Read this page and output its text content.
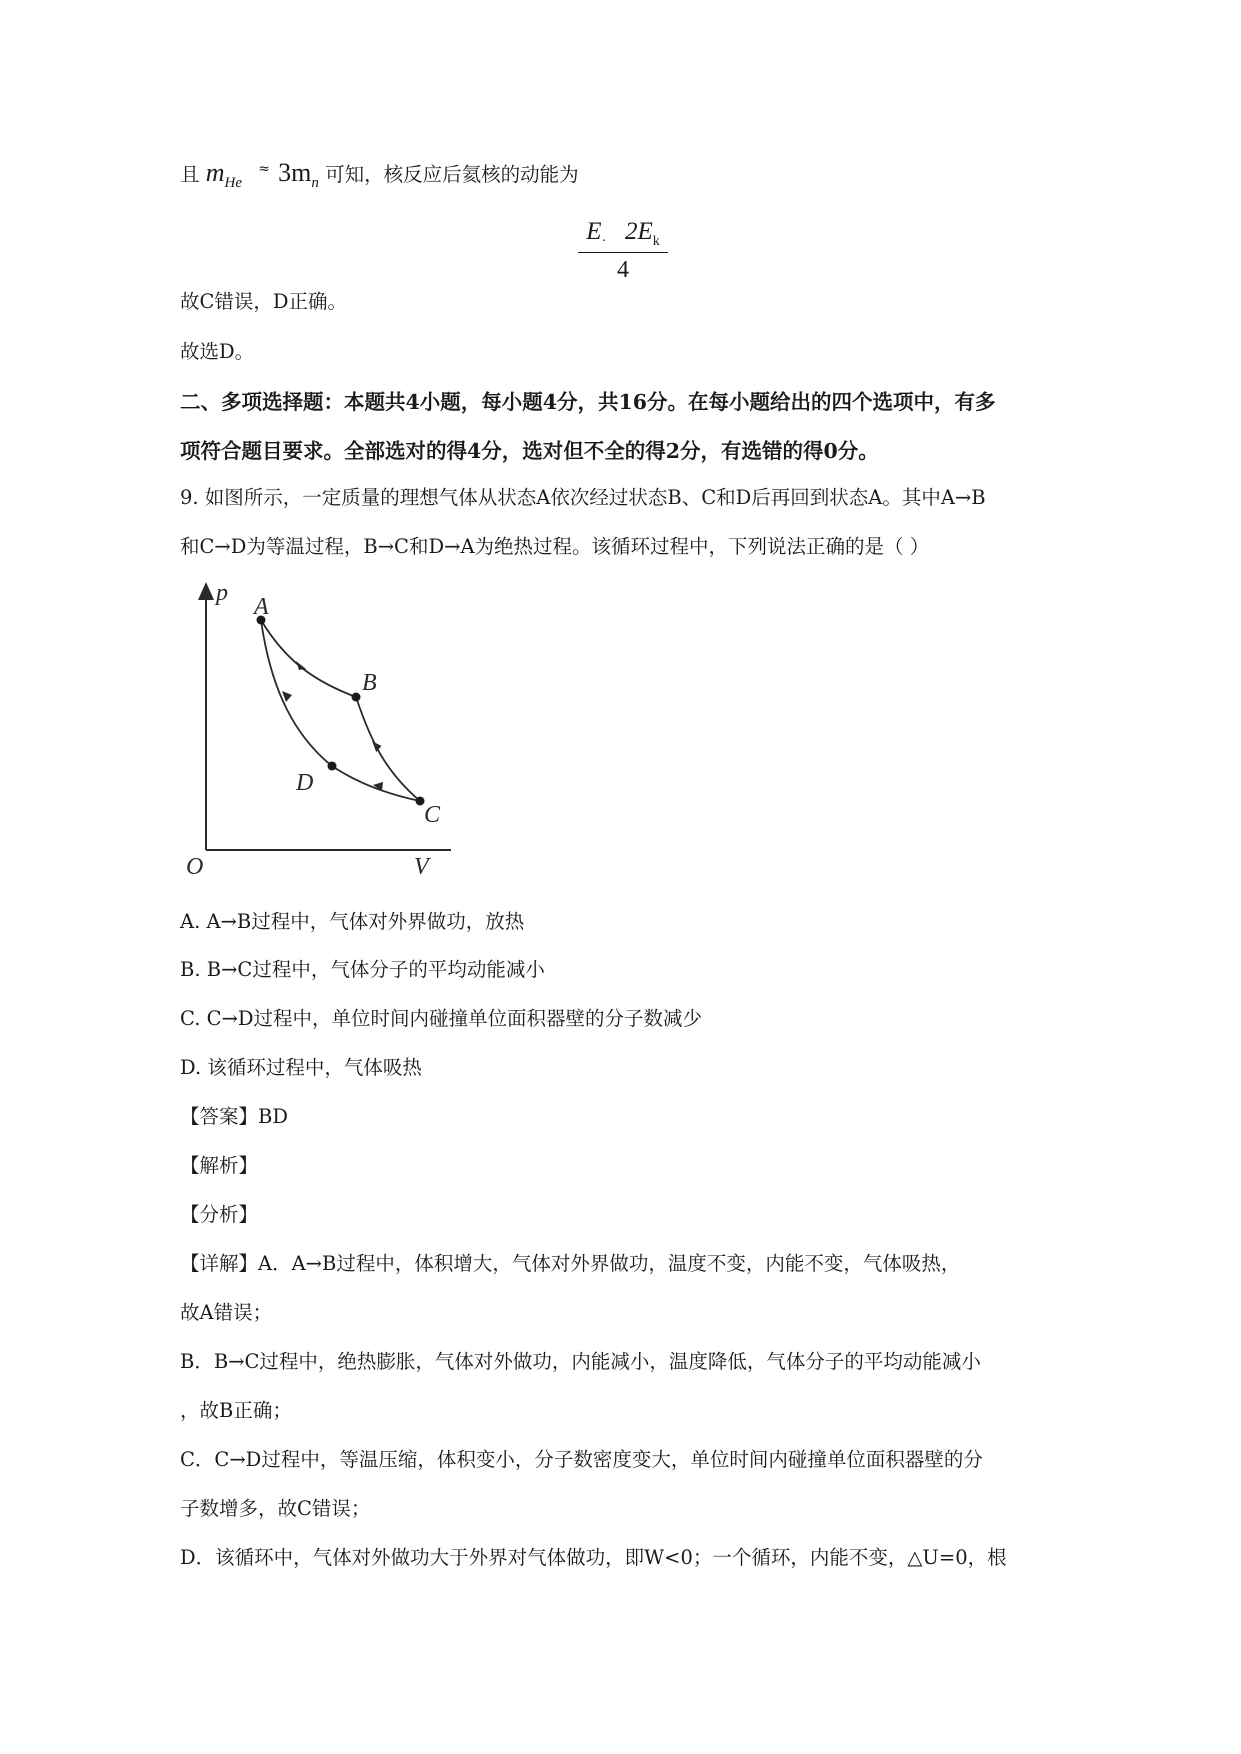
且 $m_{He}$ ≈ $3m_n$ 可知，核反应后氦核的动能为
$\frac{E_\cdot 2E_k}{4}$
故C错误，D正确。
故选D。
二、多项选择题：本题共4小题，每小题4分，共16分。在每小题给出的四个选项中，有多
项符合题目要求。全部选对的得4分，选对但不全的得2分，有选错的得0分。
9. 如图所示，一定质量的理想气体从状态A依次经过状态B、C和D后再回到状态A。其中A→B
和C→D为等温过程，B→C和D→A为绝热过程。该循环过程中，下列说法正确的是（ ）
p
V
O
A
B
C
D
A. A→B过程中，气体对外界做功，放热
B. B→C过程中，气体分子的平均动能减小
C. C→D过程中，单位时间内碰撞单位面积器壁的分子数减少
D. 该循环过程中，气体吸热
【答案】BD
【解析】
【分析】
【详解】A．A→B过程中，体积增大，气体对外界做功，温度不变，内能不变，气体吸热，
故A错误；
B．B→C过程中，绝热膨胀，气体对外做功，内能减小，温度降低，气体分子的平均动能减小
，故B正确；
C．C→D过程中，等温压缩，体积变小，分子数密度变大，单位时间内碰撞单位面积器壁的分
子数增多，故C错误；
D．该循环中，气体对外做功大于外界对气体做功，即W<0；一个循环，内能不变，△U=0，根
